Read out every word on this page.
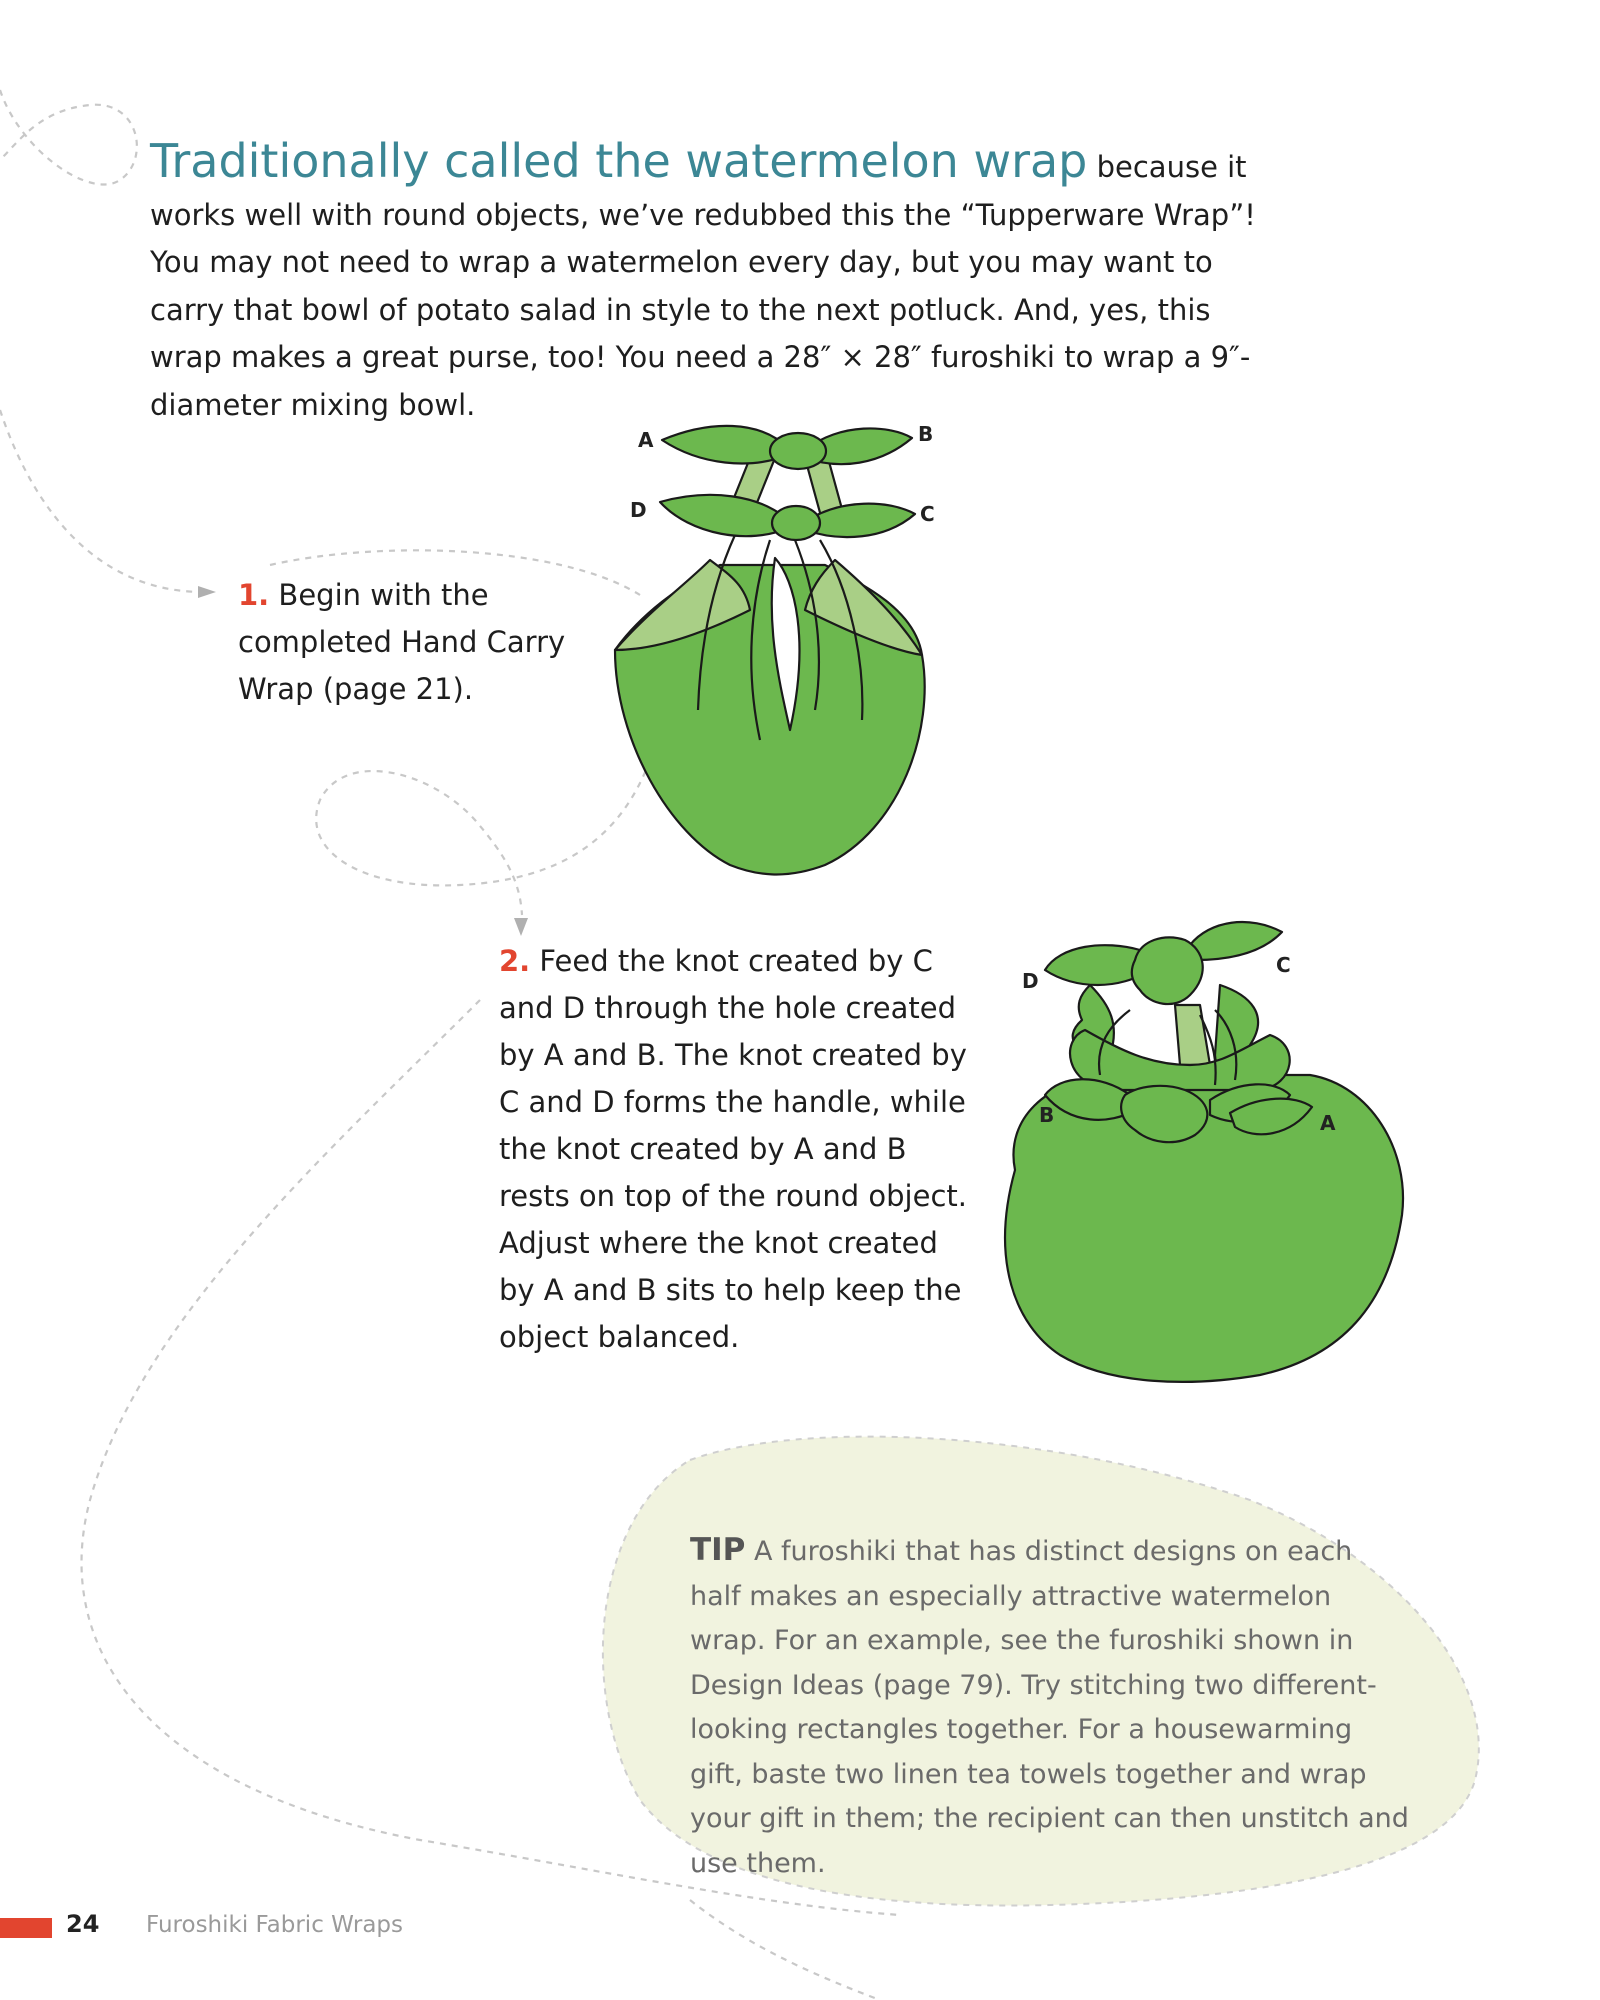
Traditionally called the watermelon wrap because it works well with round objects, we’ve redubbed this the “Tupperware Wrap”! You may not need to wrap a watermelon every day, but you may want to carry that bowl of potato salad in style to the next potluck. And, yes, this wrap makes a great purse, too! You need a 28″ × 28″ furoshiki to wrap a 9″-diameter mixing bowl.

1. Begin with the completed Hand Carry Wrap (page 21).

2. Feed the knot created by C and D through the hole created by A and B. The knot created by C and D forms the handle, while the knot created by A and B rests on top of the round object. Adjust where the knot created by A and B sits to help keep the object balanced.

A	B
D	C
D
C
B	A

TIP A furoshiki that has distinct designs on each half makes an especially attractive watermelon wrap. For an example, see the furoshiki shown in Design Ideas (page 79). Try stitching two different-looking rectangles together. For a housewarming gift, baste two linen tea towels together and wrap your gift in them; the recipient can then unstitch and use them.

24 Furoshiki Fabric Wraps
